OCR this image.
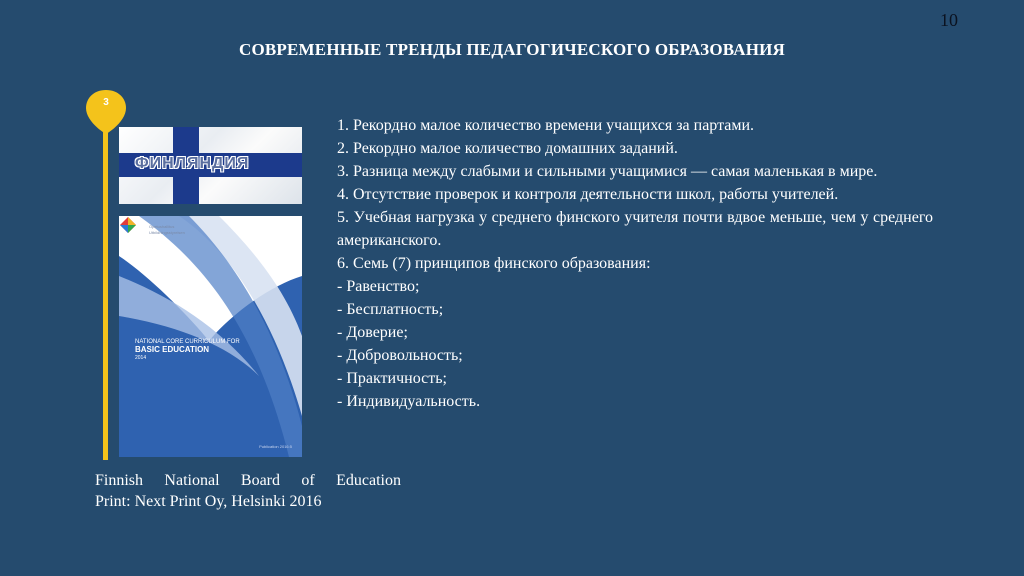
10
СОВРЕМЕННЫЕ ТРЕНДЫ ПЕДАГОГИЧЕСКОГО ОБРАЗОВАНИЯ
3
ФИНЛЯНДИЯ
Opetushallitus
Utbildningsstyrelsen
NATIONAL CORE CURRICULUM FOR
BASIC EDUCATION
2014
Publication 2016:5

1. Рекордно малое количество времени учащихся за партами.

2. Рекордно малое количество домашних заданий.

3. Разница между слабыми и сильными учащимися — самая маленькая в мире.

4. Отсутствие проверок и контроля деятельности школ, работы учителей.

5. Учебная нагрузка у среднего финского учителя почти вдвое меньше, чем у среднего американского.

6. Семь (7) принципов финского образования:

- Равенство;

- Бесплатность;

- Доверие;

- Добровольность;

- Практичность;

- Индивидуальность.

Finnish National Board of Education
Print: Next Print Oy, Helsinki 2016
